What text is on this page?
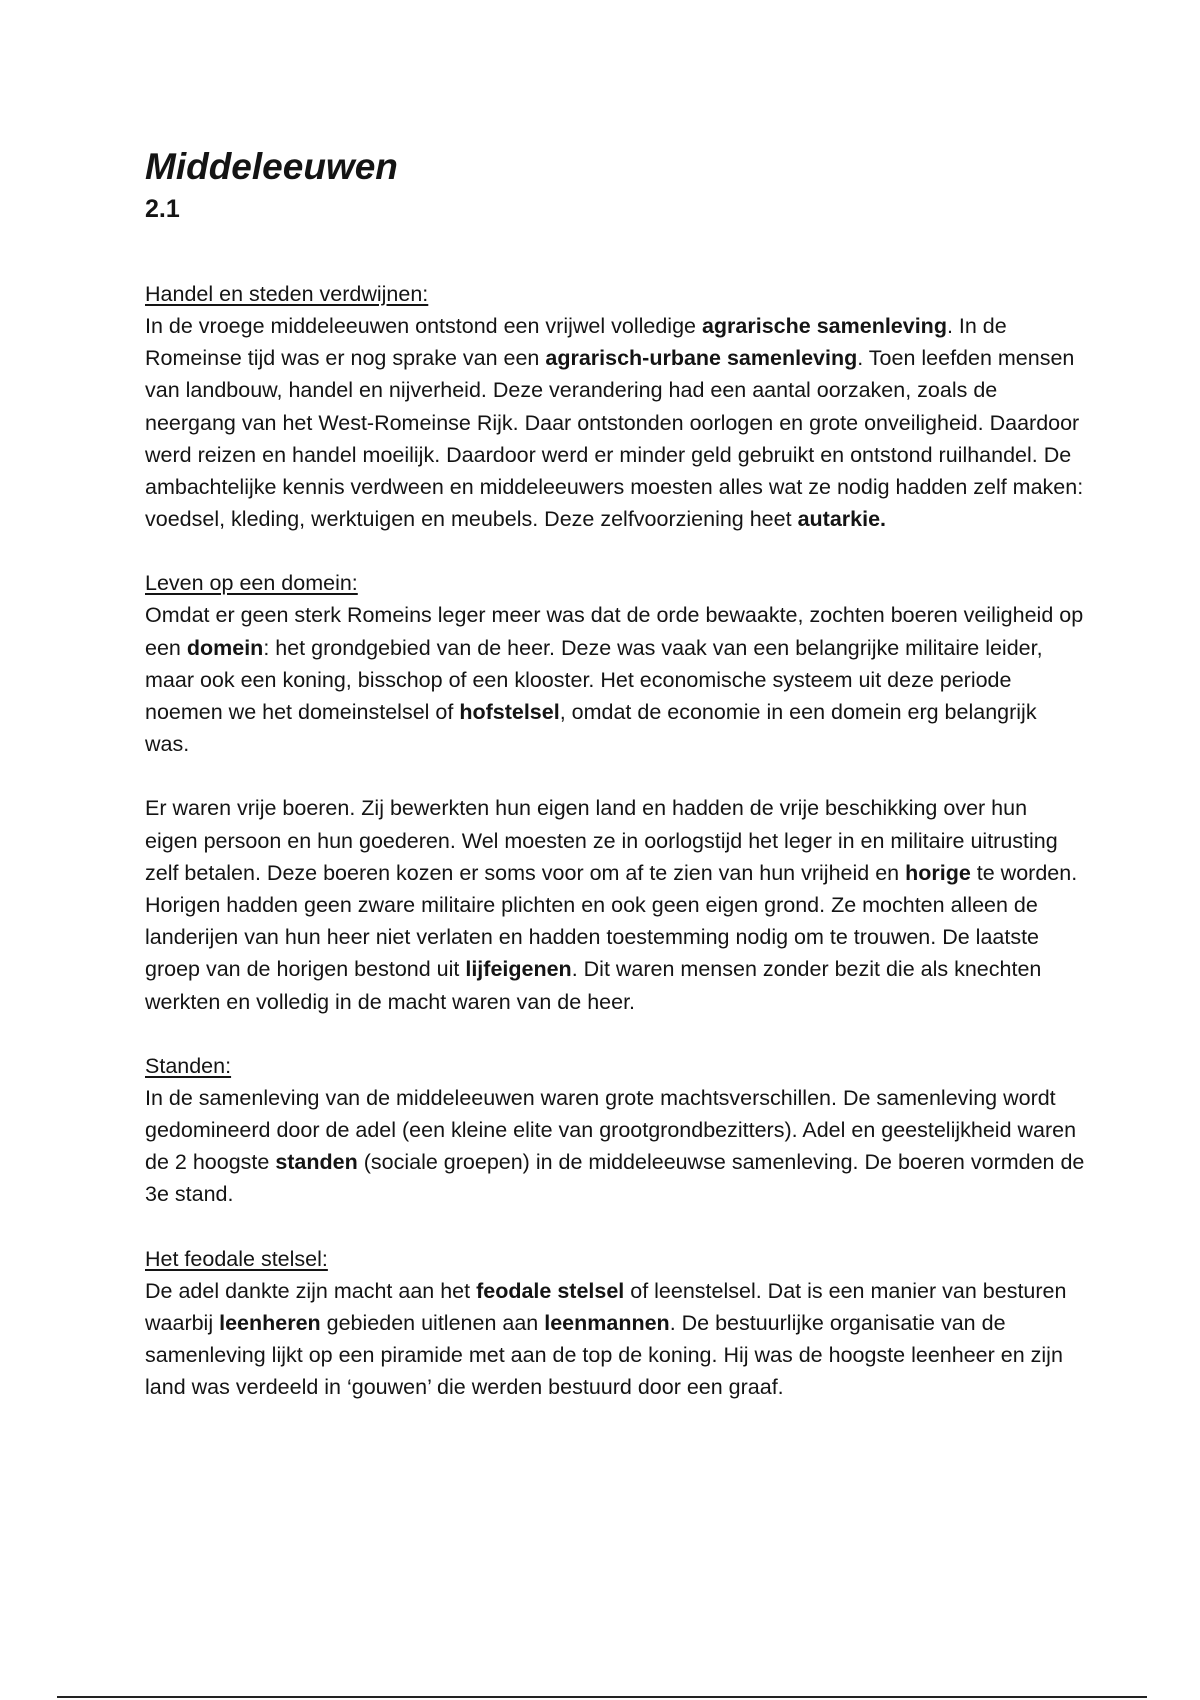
Middeleeuwen
2.1
Handel en steden verdwijnen:

In de vroege middeleeuwen ontstond een vrijwel volledige agrarische samenleving. In de Romeinse tijd was er nog sprake van een agrarisch-urbane samenleving. Toen leefden mensen van landbouw, handel en nijverheid. Deze verandering had een aantal oorzaken, zoals de neergang van het West-Romeinse Rijk. Daar ontstonden oorlogen en grote onveiligheid. Daardoor werd reizen en handel moeilijk. Daardoor werd er minder geld gebruikt en ontstond ruilhandel. De ambachtelijke kennis verdween en middeleeuwers moesten alles wat ze nodig hadden zelf maken: voedsel, kleding, werktuigen en meubels. Deze zelfvoorziening heet autarkie.

Leven op een domein:

Omdat er geen sterk Romeins leger meer was dat de orde bewaakte, zochten boeren veiligheid op een domein: het grondgebied van de heer. Deze was vaak van een belangrijke militaire leider, maar ook een koning, bisschop of een klooster. Het economische systeem uit deze periode noemen we het domeinstelsel of hofstelsel, omdat de economie in een domein erg belangrijk was.

Er waren vrije boeren. Zij bewerkten hun eigen land en hadden de vrije beschikking over hun eigen persoon en hun goederen. Wel moesten ze in oorlogstijd het leger in en militaire uitrusting zelf betalen. Deze boeren kozen er soms voor om af te zien van hun vrijheid en horige te worden. Horigen hadden geen zware militaire plichten en ook geen eigen grond. Ze mochten alleen de landerijen van hun heer niet verlaten en hadden toestemming nodig om te trouwen. De laatste groep van de horigen bestond uit lijfeigenen. Dit waren mensen zonder bezit die als knechten werkten en volledig in de macht waren van de heer.

Standen:

In de samenleving van de middeleeuwen waren grote machtsverschillen. De samenleving wordt gedomineerd door de adel (een kleine elite van grootgrondbezitters). Adel en geestelijkheid waren de 2 hoogste standen (sociale groepen) in de middeleeuwse samenleving. De boeren vormden de 3e stand.

Het feodale stelsel:

De adel dankte zijn macht aan het feodale stelsel of leenstelsel. Dat is een manier van besturen waarbij leenheren gebieden uitlenen aan leenmannen. De bestuurlijke organisatie van de samenleving lijkt op een piramide met aan de top de koning. Hij was de hoogste leenheer en zijn land was verdeeld in ‘gouwen’ die werden bestuurd door een graaf.
